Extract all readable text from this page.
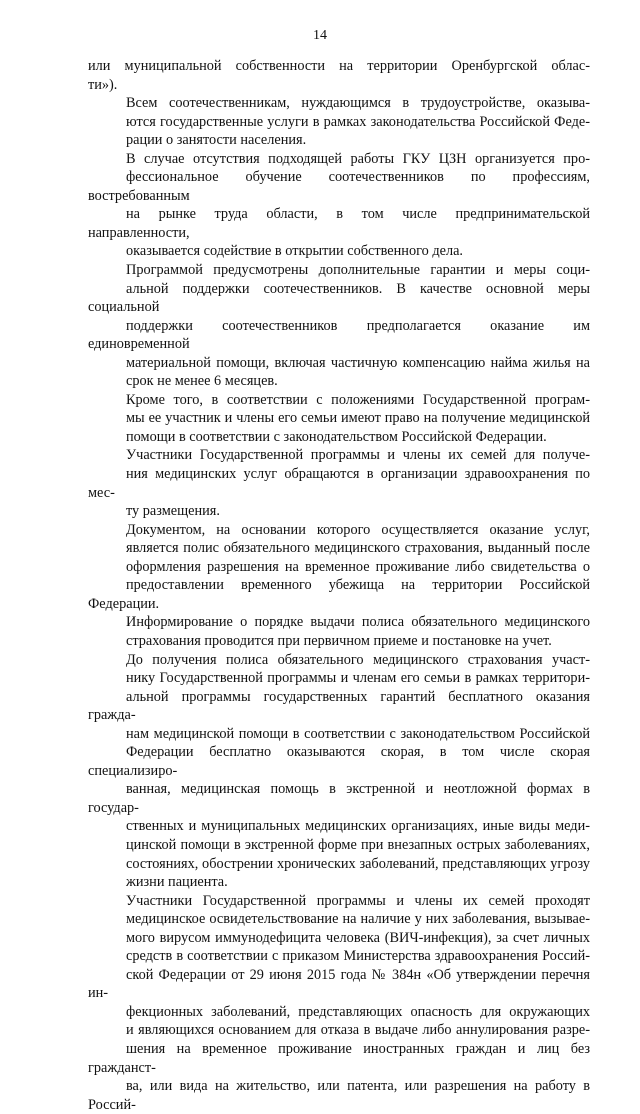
14

или муниципальной собственности на территории Оренбургской облас-
ти»).

Всем соотечественникам, нуждающимся в трудоустройстве, оказыва-
ются государственные услуги в рамках законодательства Российской Феде-
рации о занятости населения.

В случае отсутствия подходящей работы ГКУ ЦЗН организуется про-
фессиональное обучение соотечественников по профессиям, востребованным
на рынке труда области, в том числе предпринимательской направленности,
оказывается содействие в открытии собственного дела.

Программой предусмотрены дополнительные гарантии и меры соци-
альной поддержки соотечественников. В качестве основной меры социальной
поддержки соотечественников предполагается оказание им единовременной
материальной помощи, включая частичную компенсацию найма жилья на
срок не менее 6 месяцев.

Кроме того, в соответствии с положениями Государственной програм-
мы ее участник и члены его семьи имеют право на получение медицинской
помощи в соответствии с законодательством Российской Федерации.

Участники Государственной программы и члены их семей для получе-
ния медицинских услуг обращаются в организации здравоохранения по мес-
ту размещения.

Документом, на основании которого осуществляется оказание услуг,
является полис обязательного медицинского страхования, выданный после
оформления разрешения на временное проживание либо свидетельства о
предоставлении временного убежища на территории Российской Федерации.
Информирование о порядке выдачи полиса обязательного медицинского
страхования проводится при первичном приеме и постановке на учет.

До получения полиса обязательного медицинского страхования участ-
нику Государственной программы и членам его семьи в рамках территори-
альной программы государственных гарантий бесплатного оказания гражда-
нам медицинской помощи в соответствии с законодательством Российской
Федерации бесплатно оказываются скорая, в том числе скорая специализиро-
ванная, медицинская помощь в экстренной и неотложной формах в государ-
ственных и муниципальных медицинских организациях, иные виды меди-
цинской помощи в экстренной форме при внезапных острых заболеваниях,
состояниях, обострении хронических заболеваний, представляющих угрозу
жизни пациента.

Участники Государственной программы и члены их семей проходят
медицинское освидетельствование на наличие у них заболевания, вызывае-
мого вирусом иммунодефицита человека (ВИЧ-инфекция), за счет личных
средств в соответствии с приказом Министерства здравоохранения Россий-
ской Федерации от 29 июня 2015 года № 384н «Об утверждении перечня ин-
фекционных заболеваний, представляющих опасность для окружающих
и являющихся основанием для отказа в выдаче либо аннулирования разре-
шения на временное проживание иностранных граждан и лиц без гражданст-
ва, или вида на жительство, или патента, или разрешения на работу в Россий-
